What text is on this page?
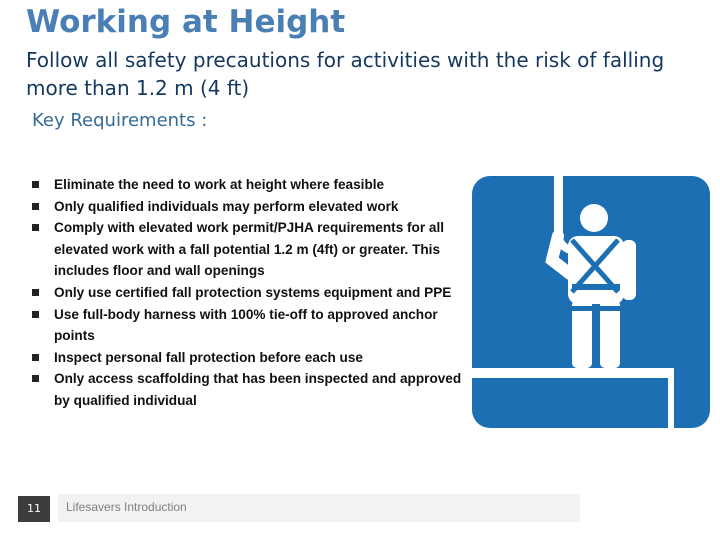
Working at Height
Follow all safety precautions for activities with the risk of falling more than 1.2 m (4 ft)
Key Requirements :
Eliminate the need to work at height where feasible
Only qualified individuals may perform elevated work
Comply with elevated work permit/PJHA requirements for all elevated work with a fall potential 1.2 m (4ft) or greater. This includes floor and wall openings
Only use certified fall protection systems equipment and PPE
Use full-body harness with 100% tie-off to approved anchor points
Inspect personal fall protection before each use
Only access scaffolding that has been inspected and approved by qualified individual
11	Lifesavers Introduction
